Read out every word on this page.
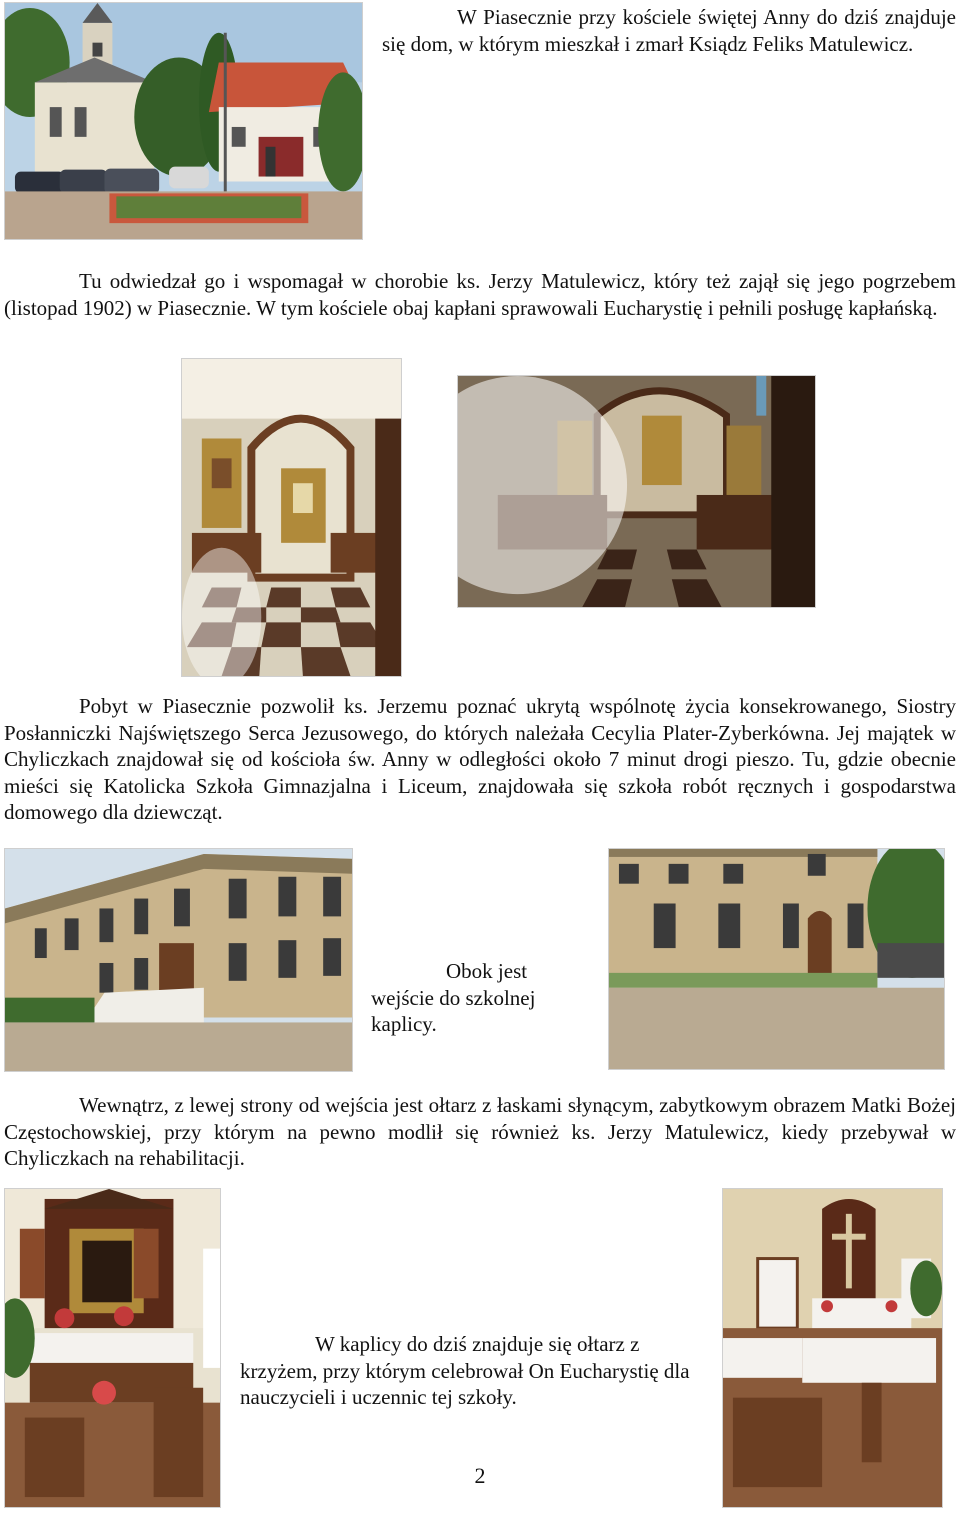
W Piasecznie przy kościele świętej Anny do dziś znajduje się dom, w którym mieszkał i zmarł Ksiądz Feliks Matulewicz.

Tu odwiedzał go i wspomagał w chorobie ks. Jerzy Matulewicz, który też zajął się jego pogrzebem (listopad 1902) w Piasecznie. W tym kościele obaj kapłani sprawowali Eucharystię i pełnili posługę kapłańską.

Pobyt w Piasecznie pozwolił ks. Jerzemu poznać ukrytą wspólnotę życia konsekrowanego, Siostry Posłanniczki Najświętszego Serca Jezusowego, do których należała Cecylia Plater-Zyberkówna. Jej majątek w Chyliczkach znajdował się od kościoła św. Anny w odległości około 7 minut drogi pieszo. Tu, gdzie obecnie mieści się Katolicka Szkoła Gimnazjalna i Liceum, znajdowała się szkoła robót ręcznych i gospodarstwa domowego dla dziewcząt.

Obok jest wejście do szkolnej kaplicy.

Wewnątrz, z lewej strony od wejścia jest ołtarz z łaskami słynącym, zabytkowym obrazem Matki Bożej Częstochowskiej, przy którym na pewno modlił się również ks. Jerzy Matulewicz, kiedy przebywał w Chyliczkach na rehabilitacji.

W kaplicy do dziś znajduje się ołtarz z krzyżem, przy którym celebrował On Eucharystię dla nauczycieli i uczennic tej szkoły.

2
